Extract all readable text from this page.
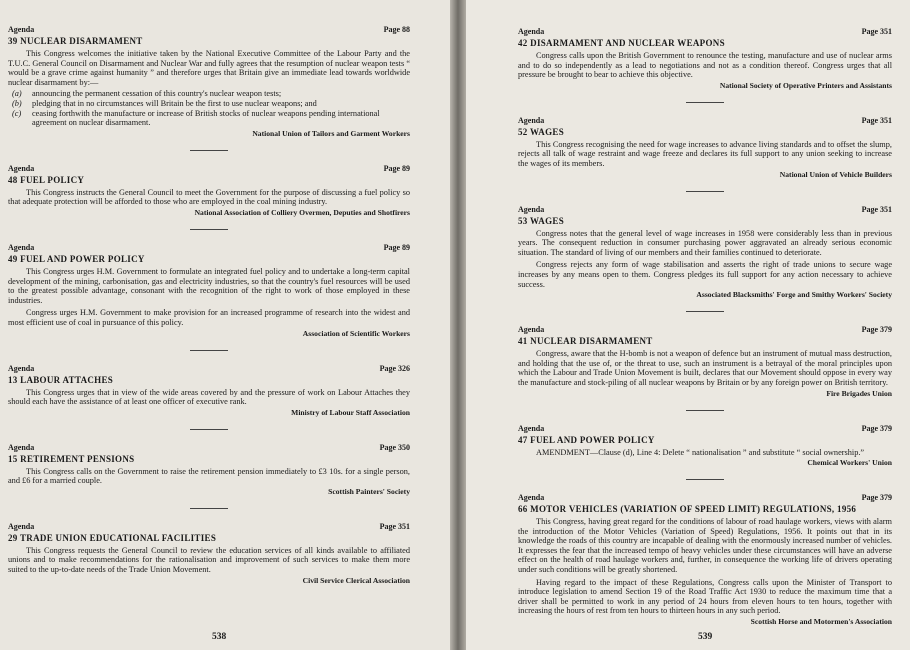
Agenda	Page 88
39 NUCLEAR DISARMAMENT

This Congress welcomes the initiative taken by the National Executive Committee of the Labour Party and the T.U.C. General Council on Disarmament and Nuclear War and fully agrees that the resumption of nuclear weapon tests “ would be a grave crime against humanity ” and therefore urges that Britain give an immediate lead towards worldwide nuclear disarmament by:—

(a)	announcing the permanent cessation of this country's nuclear weapon tests;
(b)	pledging that in no circumstances will Britain be the first to use nuclear weapons; and
(c)	ceasing forthwith the manufacture or increase of British stocks of nuclear weapons pending international agreement on nuclear disarmament.
National Union of Tailors and Garment Workers
Agenda	Page 89
48 FUEL POLICY

This Congress instructs the General Council to meet the Government for the purpose of discussing a fuel policy so that adequate protection will be afforded to those who are employed in the coal mining industry.

National Association of Colliery Overmen, Deputies and Shotfirers
Agenda	Page 89
49 FUEL AND POWER POLICY

This Congress urges H.M. Government to formulate an integrated fuel policy and to undertake a long-term capital development of the mining, carbonisation, gas and electricity industries, so that the country's fuel resources will be used to the greatest possible advantage, consonant with the recognition of the right to work of those employed in these industries.

Congress urges H.M. Government to make provision for an increased programme of research into the widest and most efficient use of coal in pursuance of this policy.

Association of Scientific Workers
Agenda	Page 326
13 LABOUR ATTACHES

This Congress urges that in view of the wide areas covered by and the pressure of work on Labour Attaches they should each have the assistance of at least one officer of executive rank.

Ministry of Labour Staff Association
Agenda	Page 350
15 RETIREMENT PENSIONS

This Congress calls on the Government to raise the retirement pension immediately to £3 10s. for a single person, and £6 for a married couple.

Scottish Painters' Society
Agenda	Page 351
29 TRADE UNION EDUCATIONAL FACILITIES

This Congress requests the General Council to review the education services of all kinds available to affiliated unions and to make recommendations for the rationalisation and improvement of such services to make them more suited to the up-to-date needs of the Trade Union Movement.

Civil Service Clerical Association
538
Agenda	Page 351
42 DISARMAMENT AND NUCLEAR WEAPONS

Congress calls upon the British Government to renounce the testing, manufacture and use of nuclear arms and to do so independently as a lead to negotiations and not as a condition thereof. Congress urges that all pressure be brought to bear to achieve this objective.

National Society of Operative Printers and Assistants
Agenda	Page 351
52 WAGES

This Congress recognising the need for wage increases to advance living standards and to offset the slump, rejects all talk of wage restraint and wage freeze and declares its full support to any union seeking to increase the wages of its members.

National Union of Vehicle Builders
Agenda	Page 351
53 WAGES

Congress notes that the general level of wage increases in 1958 were considerably less than in previous years. The consequent reduction in consumer purchasing power aggravated an already serious economic situation. The standard of living of our members and their families continued to deteriorate.

Congress rejects any form of wage stabilisation and asserts the right of trade unions to secure wage increases by any means open to them. Congress pledges its full support for any action necessary to achieve success.

Associated Blacksmiths' Forge and Smithy Workers' Society
Agenda	Page 379
41 NUCLEAR DISARMAMENT

Congress, aware that the H-bomb is not a weapon of defence but an instrument of mutual mass destruction, and holding that the use of, or the threat to use, such an instrument is a betrayal of the moral principles upon which the Labour and Trade Union Movement is built, declares that our Movement should oppose in every way the manufacture and stock-piling of all nuclear weapons by Britain or by any foreign power on British territory.

Fire Brigades Union
Agenda	Page 379
47 FUEL AND POWER POLICY
AMENDMENT—Clause (d), Line 4: Delete “ nationalisation ” and substitute “ social ownership.”
Chemical Workers' Union
Agenda	Page 379
66 MOTOR VEHICLES (VARIATION OF SPEED LIMIT) REGULATIONS, 1956

This Congress, having great regard for the conditions of labour of road haulage workers, views with alarm the introduction of the Motor Vehicles (Variation of Speed) Regulations, 1956. It points out that in its knowledge the roads of this country are incapable of dealing with the enormously increased number of vehicles. It expresses the fear that the increased tempo of heavy vehicles under these circumstances will have an adverse effect on the health of road haulage workers and, further, in consequence the working life of drivers operating under such conditions will be greatly shortened.

Having regard to the impact of these Regulations, Congress calls upon the Minister of Transport to introduce legislation to amend Section 19 of the Road Traffic Act 1930 to reduce the maximum time that a driver shall be permitted to work in any period of 24 hours from eleven hours to ten hours, together with increasing the hours of rest from ten hours to thirteen hours in any such period.

Scottish Horse and Motormen's Association
539
